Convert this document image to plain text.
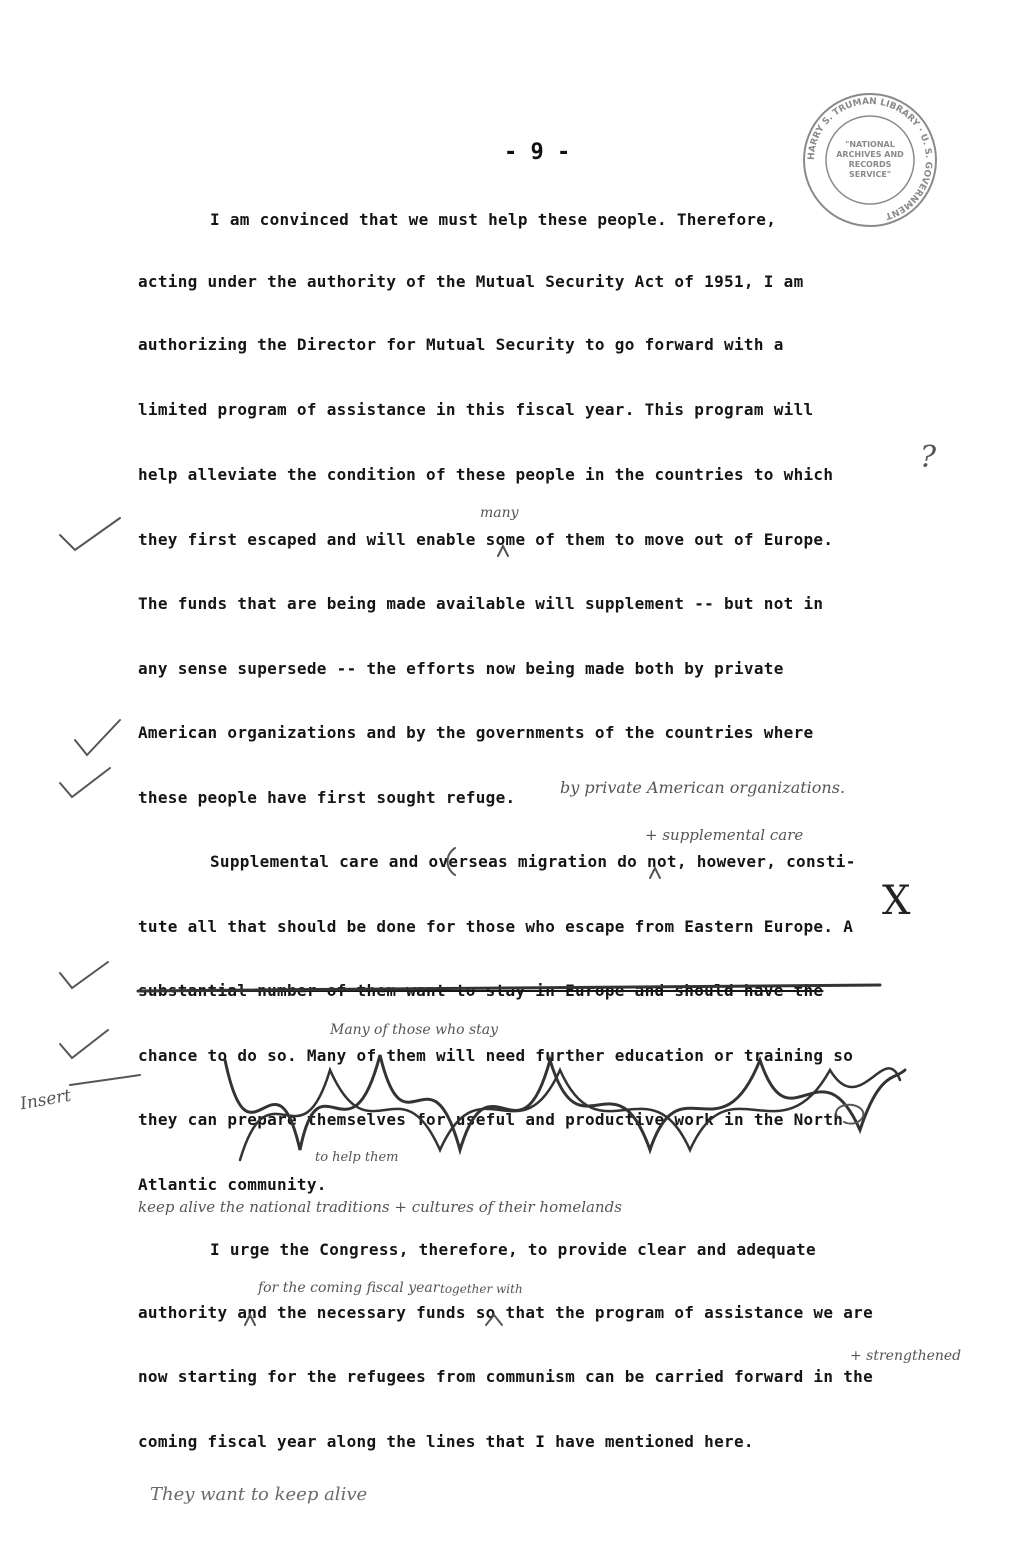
HARRY S. TRUMAN LIBRARY · U. S. GOVERNMENT
"NATIONAL ARCHIVES AND RECORDS SERVICE"
- 9 -

I am convinced that we must help these people. Therefore,

acting under the authority of the Mutual Security Act of 1951, I am

authorizing the Director for Mutual Security to go forward with a

limited program of assistance in this fiscal year. This program will

help alleviate the condition of these people in the countries to which

they first escaped and will enable some of them to move out of Europe.

The funds that are being made available will supplement -- but not in

any sense supersede -- the efforts now being made both by private

American organizations and by the governments of the countries where

these people have first sought refuge.

Supplemental care and overseas migration do not, however, consti-

tute all that should be done for those who escape from Eastern Europe. A

substantial number of them want to stay in Europe and should have the

chance to do so. Many of them will need further education or training so

they can prepare themselves for useful and productive work in the North

Atlantic community.

I urge the Congress, therefore, to provide clear and adequate

authority and the necessary funds so that the program of assistance we are

now starting for the refugees from communism can be carried forward in the

coming fiscal year along the lines that I have mentioned here.

?
many
by private American organizations.
+ supplemental care
X
Many of those who stay
to help them
keep alive the national traditions + cultures of their homelands
Insert
for the coming fiscal year together with
+ strengthened
They want to keep alive
